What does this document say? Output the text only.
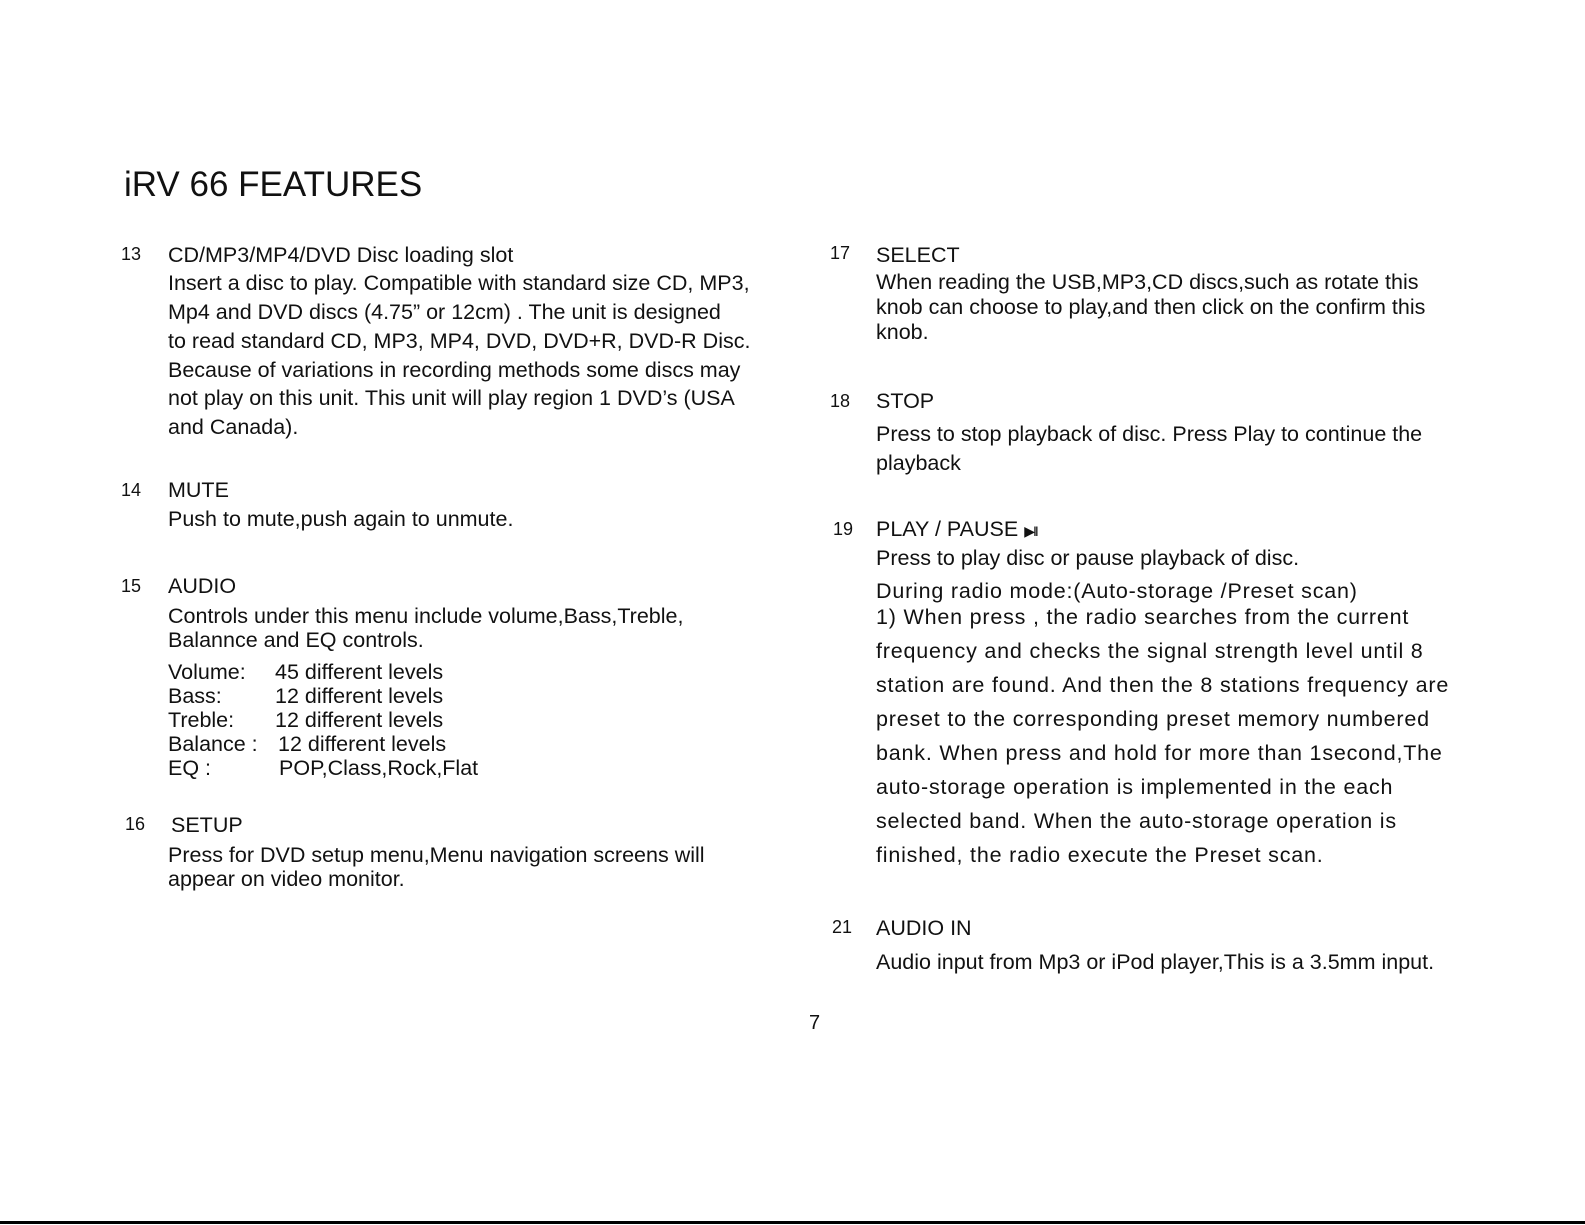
iRV 66 FEATURES
13 CD/MP3/MP4/DVD Disc loading slot
Insert a disc to play. Compatible with standard size CD, MP3,
Mp4 and DVD discs (4.75” or 12cm) . The unit is designed
to read standard CD, MP3, MP4, DVD, DVD+R, DVD-R Disc.
Because of variations in recording methods some discs may
not play on this unit. This unit will play region 1 DVD’s (USA
and Canada).
14 MUTE
Push to mute,push again to unmute.
15 AUDIO
Controls under this menu include volume,Bass,Treble,
Balannce and EQ controls.
Volume: 45 different levels
Bass: 12 different levels
Treble: 12 different levels
Balance : 12 different levels
EQ :	POP,Class,Rock,Flat
16 SETUP
Press for DVD setup menu,Menu navigation screens will
appear on video monitor.
17 SELECT
When reading the USB,MP3,CD discs,such as rotate this
knob can choose to play,and then click on the confirm this
knob.
18 STOP
Press to stop playback of disc. Press Play to continue the
playback
19 PLAY / PAUSE ▶II
Press to play disc or pause playback of disc.
During radio mode:(Auto-storage /Preset scan)
1) When press , the radio searches from the current
frequency and checks the signal strength level until 8
station are found. And then the 8 stations frequency are
preset to the corresponding preset memory numbered
bank. When press and hold for more than 1second,The
auto-storage operation is implemented in the each
selected band. When the auto-storage operation is
finished, the radio execute the Preset scan.
21 AUDIO IN
Audio input from Mp3 or iPod player,This is a 3.5mm input.
7
